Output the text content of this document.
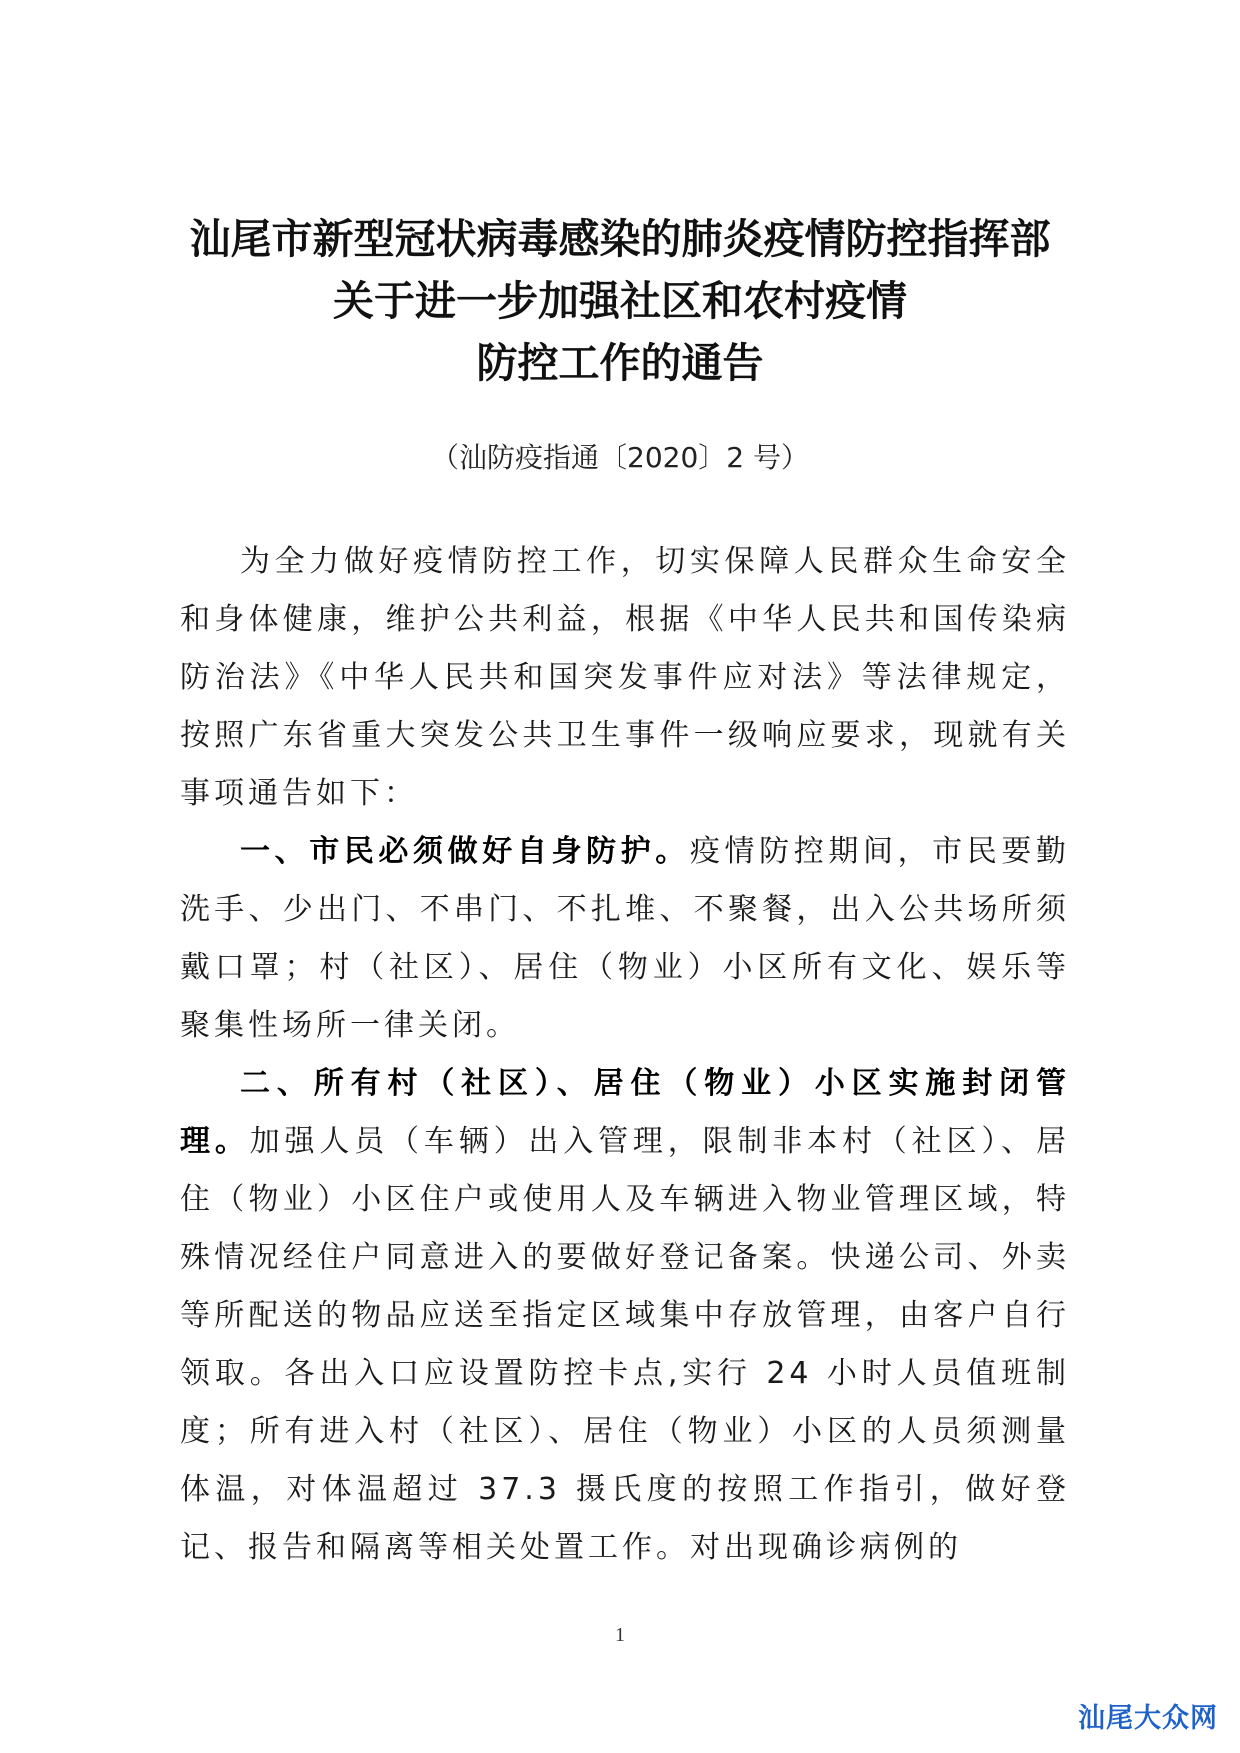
汕尾市新型冠状病毒感染的肺炎疫情防控指挥部
关于进一步加强社区和农村疫情
防控工作的通告
（汕防疫指通〔2020〕2 号）

为全力做好疫情防控工作，切实保障人民群众生命安全和身体健康，维护公共利益，根据《中华人民共和国传染病防治法》《中华人民共和国突发事件应对法》等法律规定，按照广东省重大突发公共卫生事件一级响应要求，现就有关事项通告如下：

一、市民必须做好自身防护。疫情防控期间，市民要勤洗手、少出门、不串门、不扎堆、不聚餐，出入公共场所须戴口罩；村（社区）、居住（物业）小区所有文化、娱乐等聚集性场所一律关闭。

二、所有村（社区）、居住（物业）小区实施封闭管理。加强人员（车辆）出入管理，限制非本村（社区）、居住（物业）小区住户或使用人及车辆进入物业管理区域，特殊情况经住户同意进入的要做好登记备案。快递公司、外卖等所配送的物品应送至指定区域集中存放管理，由客户自行领取。各出入口应设置防控卡点,实行 24 小时人员值班制度；所有进入村（社区）、居住（物业）小区的人员须测量体温，对体温超过 37.3 摄氏度的按照工作指引，做好登记、报告和隔离等相关处置工作。对出现确诊病例的

1
汕尾大众网
